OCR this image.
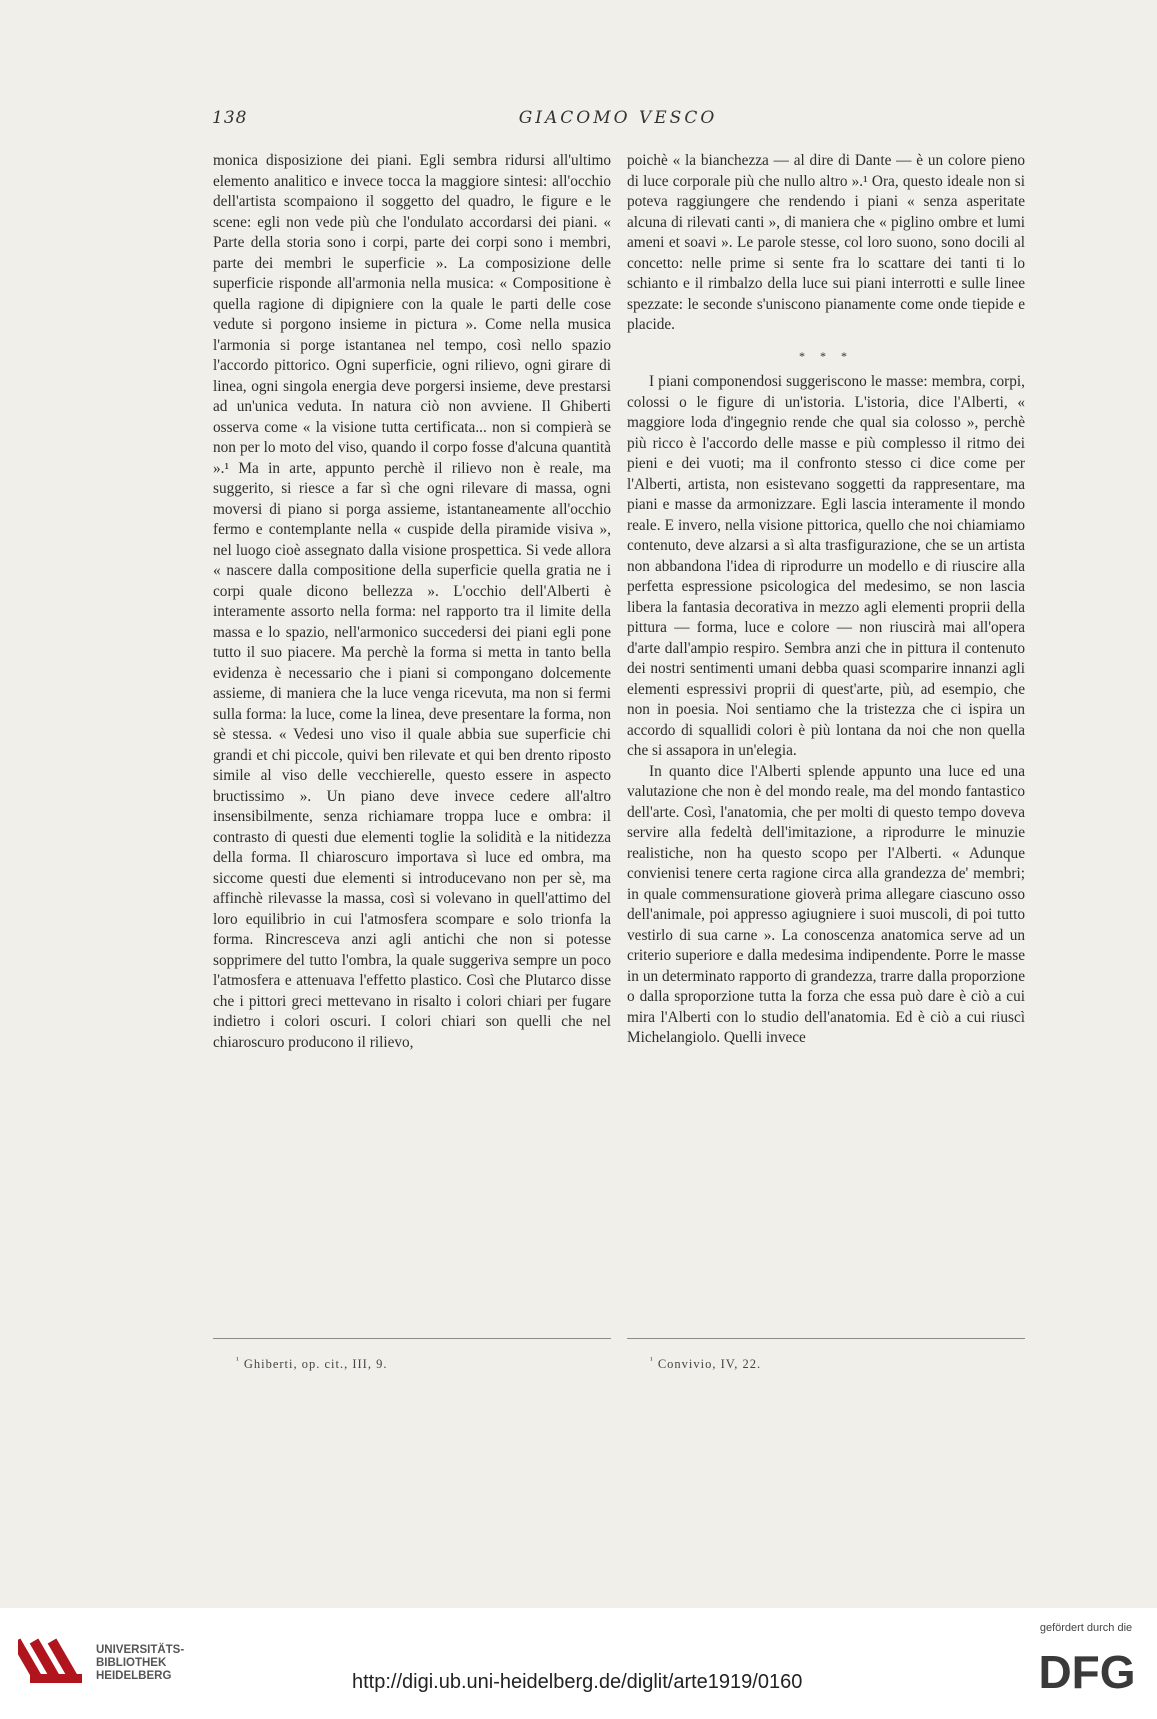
138	GIACOMO VESCO

monica disposizione dei piani. Egli sembra ridursi all'ultimo elemento analitico e invece tocca la maggiore sintesi: all'occhio dell'artista scompaiono il soggetto del quadro, le figure e le scene: egli non vede più che l'ondulato accordarsi dei piani. « Parte della storia sono i corpi, parte dei corpi sono i membri, parte dei membri le superficie ». La composizione delle superficie risponde all'armonia nella musica: « Compositione è quella ragione di dipigniere con la quale le parti delle cose vedute si porgono insieme in pictura ». Come nella musica l'armonia si porge istantanea nel tempo, così nello spazio l'accordo pittorico. Ogni superficie, ogni rilievo, ogni girare di linea, ogni singola energia deve porgersi insieme, deve prestarsi ad un'unica veduta. In natura ciò non avviene. Il Ghiberti osserva come « la visione tutta certificata... non si compierà se non per lo moto del viso, quando il corpo fosse d'alcuna quantità ».¹ Ma in arte, appunto perchè il rilievo non è reale, ma suggerito, si riesce a far sì che ogni rilevare di massa, ogni moversi di piano si porga assieme, istantaneamente all'occhio fermo e contemplante nella « cuspide della piramide visiva », nel luogo cioè assegnato dalla visione prospettica. Si vede allora « nascere dalla compositione della superficie quella gratia ne i corpi quale dicono bellezza ». L'occhio dell'Alberti è interamente assorto nella forma: nel rapporto tra il limite della massa e lo spazio, nell'armonico succedersi dei piani egli pone tutto il suo piacere. Ma perchè la forma si metta in tanto bella evidenza è necessario che i piani si compongano dolcemente assieme, di maniera che la luce venga ricevuta, ma non si fermi sulla forma: la luce, come la linea, deve presentare la forma, non sè stessa. « Vedesi uno viso il quale abbia sue superficie chi grandi et chi piccole, quivi ben rilevate et qui ben drento riposto simile al viso delle vecchierelle, questo essere in aspecto bructissimo ». Un piano deve invece cedere all'altro insensibilmente, senza richiamare troppa luce e ombra: il contrasto di questi due elementi toglie la solidità e la nitidezza della forma. Il chiaroscuro importava sì luce ed ombra, ma siccome questi due elementi si introducevano non per sè, ma affinchè rilevasse la massa, così si volevano in quell'attimo del loro equilibrio in cui l'atmosfera scompare e solo trionfa la forma. Rincresceva anzi agli antichi che non si potesse sopprimere del tutto l'ombra, la quale suggeriva sempre un poco l'atmosfera e attenuava l'effetto plastico. Così che Plutarco disse che i pittori greci mettevano in risalto i colori chiari per fugare indietro i colori oscuri. I colori chiari son quelli che nel chiaroscuro producono il rilievo,

poichè « la bianchezza — al dire di Dante — è un colore pieno di luce corporale più che nullo altro ».¹ Ora, questo ideale non si poteva raggiungere che rendendo i piani « senza asperitate alcuna di rilevati canti », di maniera che « piglino ombre et lumi ameni et soavi ». Le parole stesse, col loro suono, sono docili al concetto: nelle prime si sente fra lo scattare dei tanti ti lo schianto e il rimbalzo della luce sui piani interrotti e sulle linee spezzate: le seconde s'uniscono pianamente come onde tiepide e placide.

* * *

I piani componendosi suggeriscono le masse: membra, corpi, colossi o le figure di un'istoria. L'istoria, dice l'Alberti, « maggiore loda d'ingegnio rende che qual sia colosso », perchè più ricco è l'accordo delle masse e più complesso il ritmo dei pieni e dei vuoti; ma il confronto stesso ci dice come per l'Alberti, artista, non esistevano soggetti da rappresentare, ma piani e masse da armonizzare. Egli lascia interamente il mondo reale. E invero, nella visione pittorica, quello che noi chiamiamo contenuto, deve alzarsi a sì alta trasfigurazione, che se un artista non abbandona l'idea di riprodurre un modello e di riuscire alla perfetta espressione psicologica del medesimo, se non lascia libera la fantasia decorativa in mezzo agli elementi proprii della pittura — forma, luce e colore — non riuscirà mai all'opera d'arte dall'ampio respiro. Sembra anzi che in pittura il contenuto dei nostri sentimenti umani debba quasi scomparire innanzi agli elementi espressivi proprii di quest'arte, più, ad esempio, che non in poesia. Noi sentiamo che la tristezza che ci ispira un accordo di squallidi colori è più lontana da noi che non quella che si assapora in un'elegia.

In quanto dice l'Alberti splende appunto una luce ed una valutazione che non è del mondo reale, ma del mondo fantastico dell'arte. Così, l'anatomia, che per molti di questo tempo doveva servire alla fedeltà dell'imitazione, a riprodurre le minuzie realistiche, non ha questo scopo per l'Alberti. « Adunque convienisi tenere certa ragione circa alla grandezza de' membri; in quale commensuratione gioverà prima allegare ciascuno osso dell'animale, poi appresso agiugniere i suoi muscoli, di poi tutto vestirlo di sua carne ». La conoscenza anatomica serve ad un criterio superiore e dalla medesima indipendente. Porre le masse in un determinato rapporto di grandezza, trarre dalla proporzione o dalla sproporzione tutta la forza che essa può dare è ciò a cui mira l'Alberti con lo studio dell'anatomia. Ed è ciò a cui riuscì Michelangiolo. Quelli invece

$^{^1}$ Ghiberti, op. cit., III, 9.	$^{^1}$ Convivio, IV, 22.
UNIVERSITÄTS-
BIBLIOTHEK
HEIDELBERG	http://digi.ub.uni-heidelberg.de/diglit/arte1919/0160
gefördert durch die
DFG
